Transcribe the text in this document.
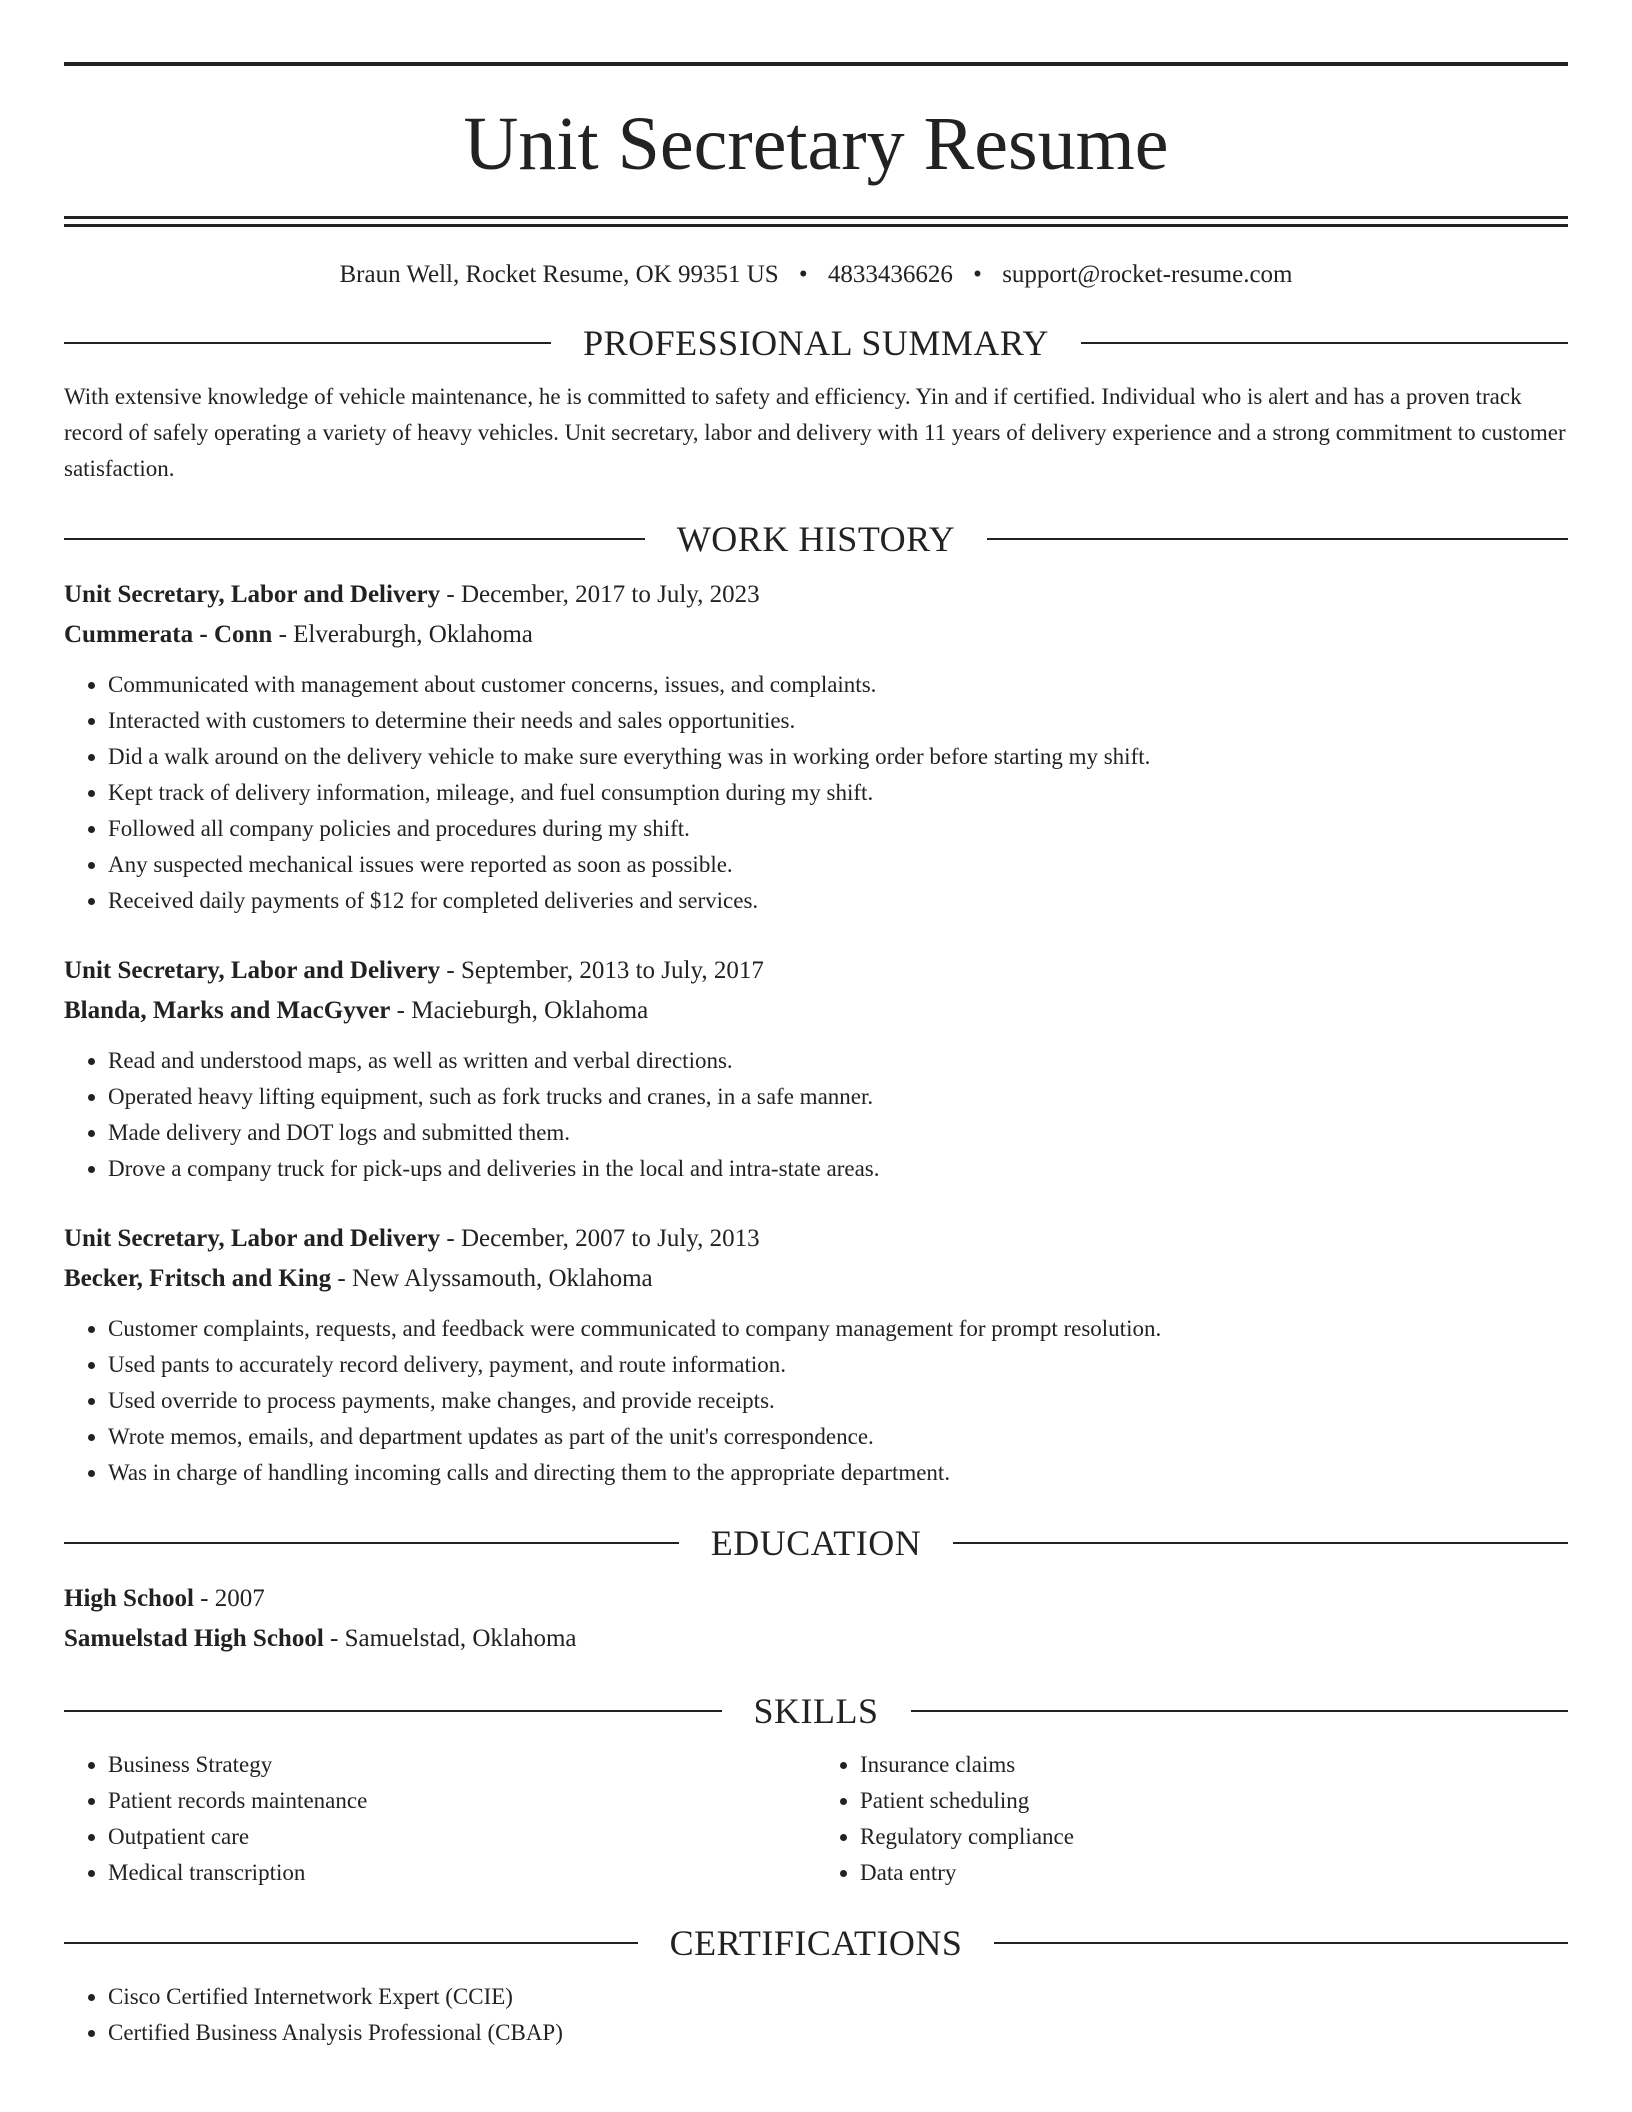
Unit Secretary Resume
Braun Well, Rocket Resume, OK 99351 US • 4833436626 • support@rocket-resume.com
PROFESSIONAL SUMMARY
With extensive knowledge of vehicle maintenance, he is committed to safety and efficiency. Yin and if certified. Individual who is alert and has a proven track record of safely operating a variety of heavy vehicles. Unit secretary, labor and delivery with 11 years of delivery experience and a strong commitment to customer satisfaction.
WORK HISTORY
Unit Secretary, Labor and Delivery - December, 2017 to July, 2023
Cummerata - Conn - Elveraburgh, Oklahoma
• Communicated with management about customer concerns, issues, and complaints.
• Interacted with customers to determine their needs and sales opportunities.
• Did a walk around on the delivery vehicle to make sure everything was in working order before starting my shift.
• Kept track of delivery information, mileage, and fuel consumption during my shift.
• Followed all company policies and procedures during my shift.
• Any suspected mechanical issues were reported as soon as possible.
• Received daily payments of $12 for completed deliveries and services.
Unit Secretary, Labor and Delivery - September, 2013 to July, 2017
Blanda, Marks and MacGyver - Macieburgh, Oklahoma
• Read and understood maps, as well as written and verbal directions.
• Operated heavy lifting equipment, such as fork trucks and cranes, in a safe manner.
• Made delivery and DOT logs and submitted them.
• Drove a company truck for pick-ups and deliveries in the local and intra-state areas.
Unit Secretary, Labor and Delivery - December, 2007 to July, 2013
Becker, Fritsch and King - New Alyssamouth, Oklahoma
• Customer complaints, requests, and feedback were communicated to company management for prompt resolution.
• Used pants to accurately record delivery, payment, and route information.
• Used override to process payments, make changes, and provide receipts.
• Wrote memos, emails, and department updates as part of the unit's correspondence.
• Was in charge of handling incoming calls and directing them to the appropriate department.
EDUCATION
High School - 2007
Samuelstad High School - Samuelstad, Oklahoma
SKILLS
• Business Strategy
• Patient records maintenance
• Outpatient care
• Medical transcription
• Insurance claims
• Patient scheduling
• Regulatory compliance
• Data entry
CERTIFICATIONS
• Cisco Certified Internetwork Expert (CCIE)
• Certified Business Analysis Professional (CBAP)
